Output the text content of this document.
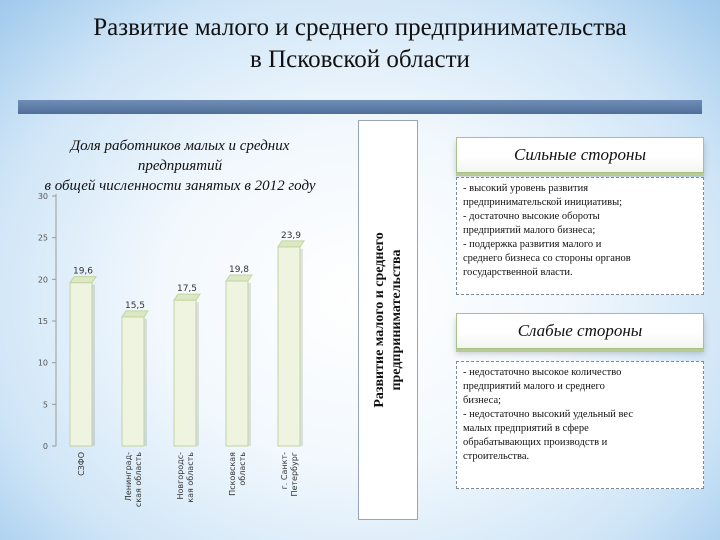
Развитие малого и среднего предпринимательства
в Псковской области
0
5
10
15
20
25
30
19,6
СЗФО
15,5
Ленинград- ская область
17,5
Новгородс- кая область
19,8
Псковская область
23,9
г. Санкт- Петербург
Доля работников малых и средних
предприятий
в общей численности занятых в 2012 году
Развитие малого и среднего предпринимательства
Сильные стороны
- высокий уровень развития
предпринимательской инициативы;
- достаточно высокие обороты
предприятий малого бизнеса;
- поддержка развития малого и
среднего бизнеса со стороны органов
государственной власти.
Слабые стороны
- недостаточно высокое количество
предприятий малого и среднего
бизнеса;
- недостаточно высокий удельный вес
малых предприятий в сфере
обрабатывающих производств и
строительства.
